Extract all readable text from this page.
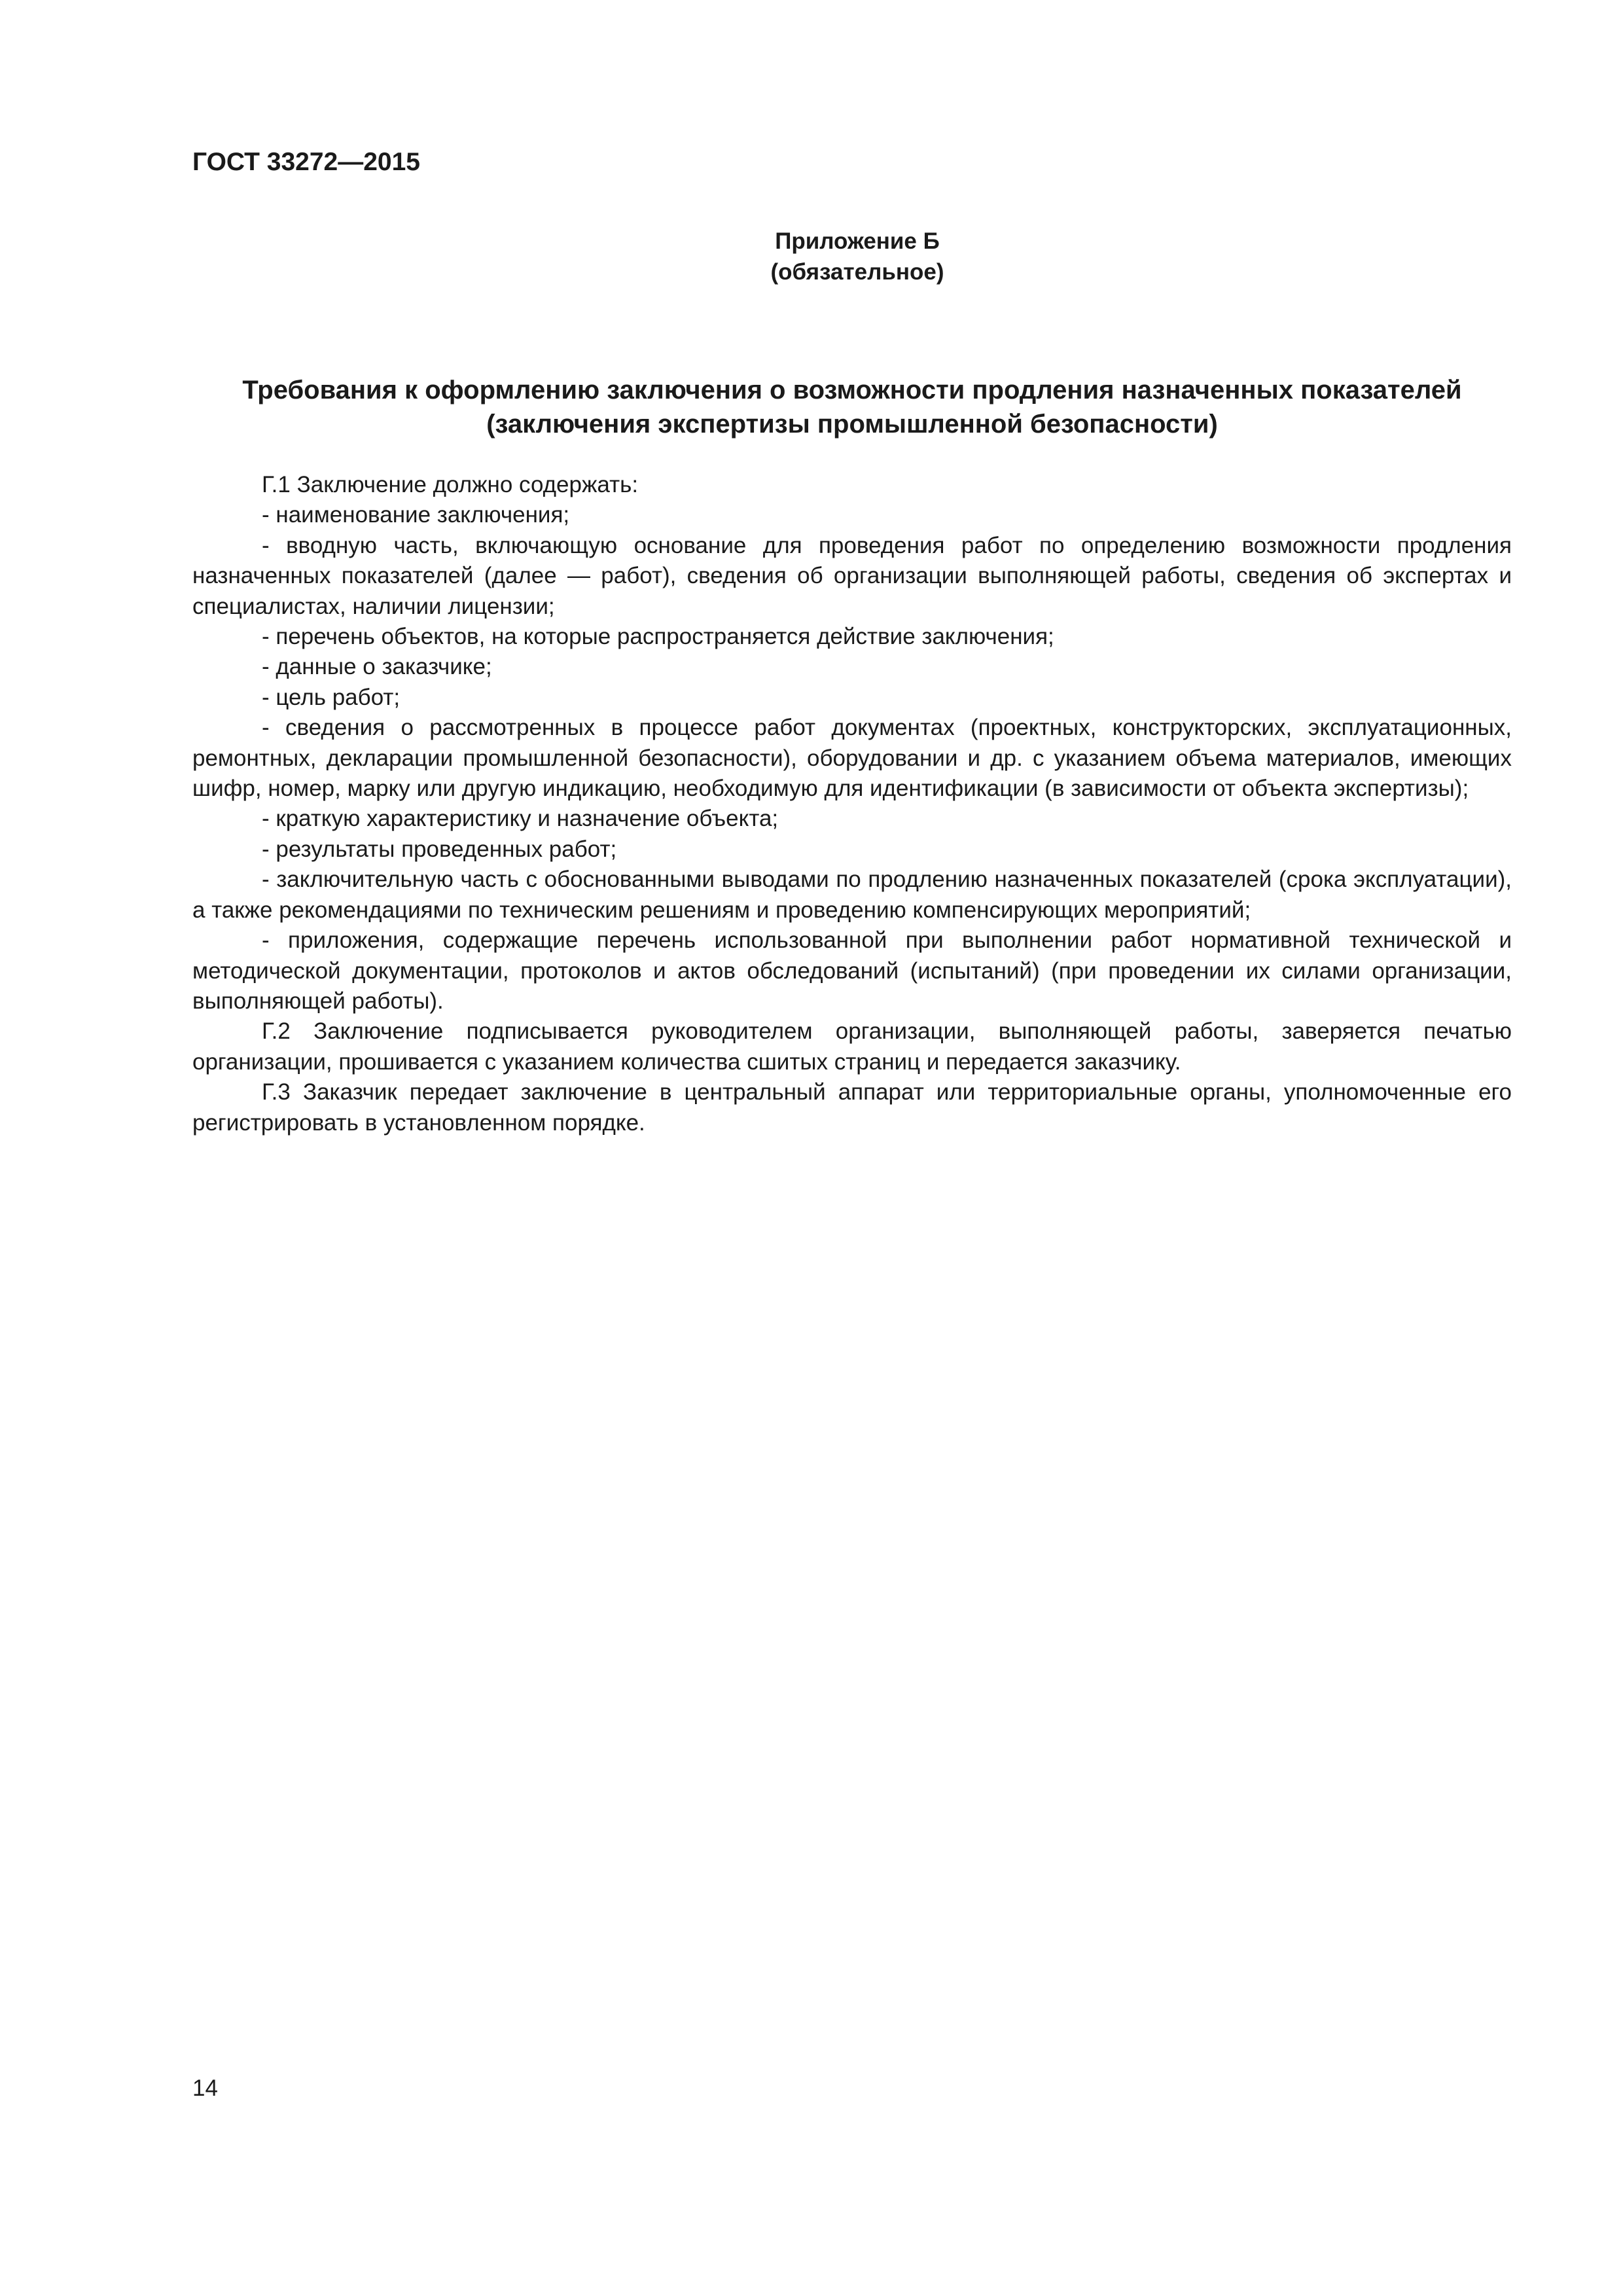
ГОСТ 33272—2015
Приложение Б
(обязательное)
Требования к оформлению заключения о возможности продления назначенных показателей
(заключения экспертизы промышленной безопасности)

Г.1 Заключение должно содержать:

- наименование заключения;

- вводную часть, включающую основание для проведения работ по определению возможности продления назначенных показателей (далее — работ), сведения об организации выполняющей работы, сведения об экспертах и специалистах, наличии лицензии;

- перечень объектов, на которые распространяется действие заключения;

- данные о заказчике;

- цель работ;

- сведения о рассмотренных в процессе работ документах (проектных, конструкторских, эксплуатационных, ремонтных, декларации промышленной безопасности), оборудовании и др. с указанием объема материалов, имеющих шифр, номер, марку или другую индикацию, необходимую для идентификации (в зависимости от объекта экспертизы);

- краткую характеристику и назначение объекта;

- результаты проведенных работ;

- заключительную часть с обоснованными выводами по продлению назначенных показателей (срока эксплуатации), а также рекомендациями по техническим решениям и проведению компенсирующих мероприятий;

- приложения, содержащие перечень использованной при выполнении работ нормативной технической и методической документации, протоколов и актов обследований (испытаний) (при проведении их силами организации, выполняющей работы).

Г.2 Заключение подписывается руководителем организации, выполняющей работы, заверяется печатью организации, прошивается с указанием количества сшитых страниц и передается заказчику.

Г.3 Заказчик передает заключение в центральный аппарат или территориальные органы, уполномоченные его регистрировать в установленном порядке.

14
